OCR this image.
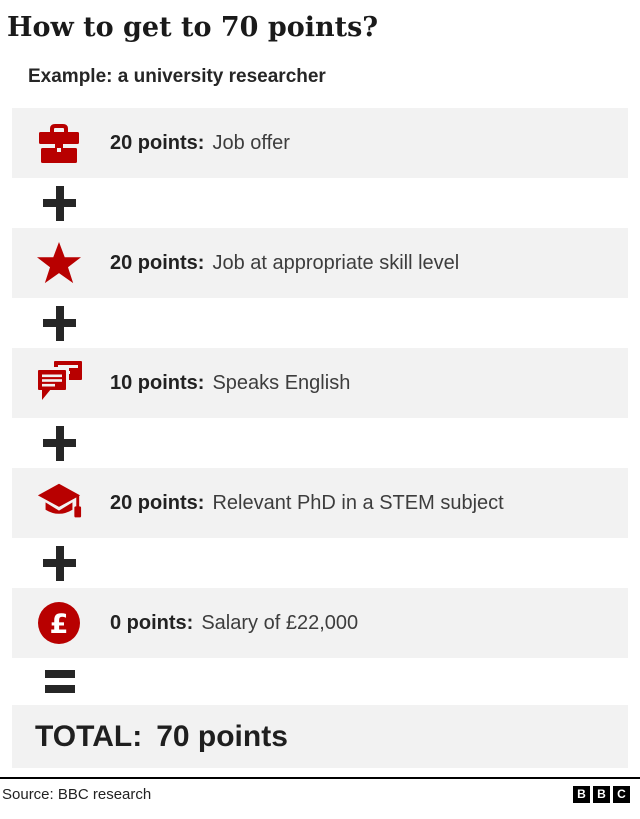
How to get to 70 points?
Example: a university researcher
20 points: Job offer
20 points: Job at appropriate skill level
10 points: Speaks English
20 points: Relevant PhD in a STEM subject
£ 0 points: Salary of £22,000
TOTAL: 70 points
Source: BBC research	B B C
